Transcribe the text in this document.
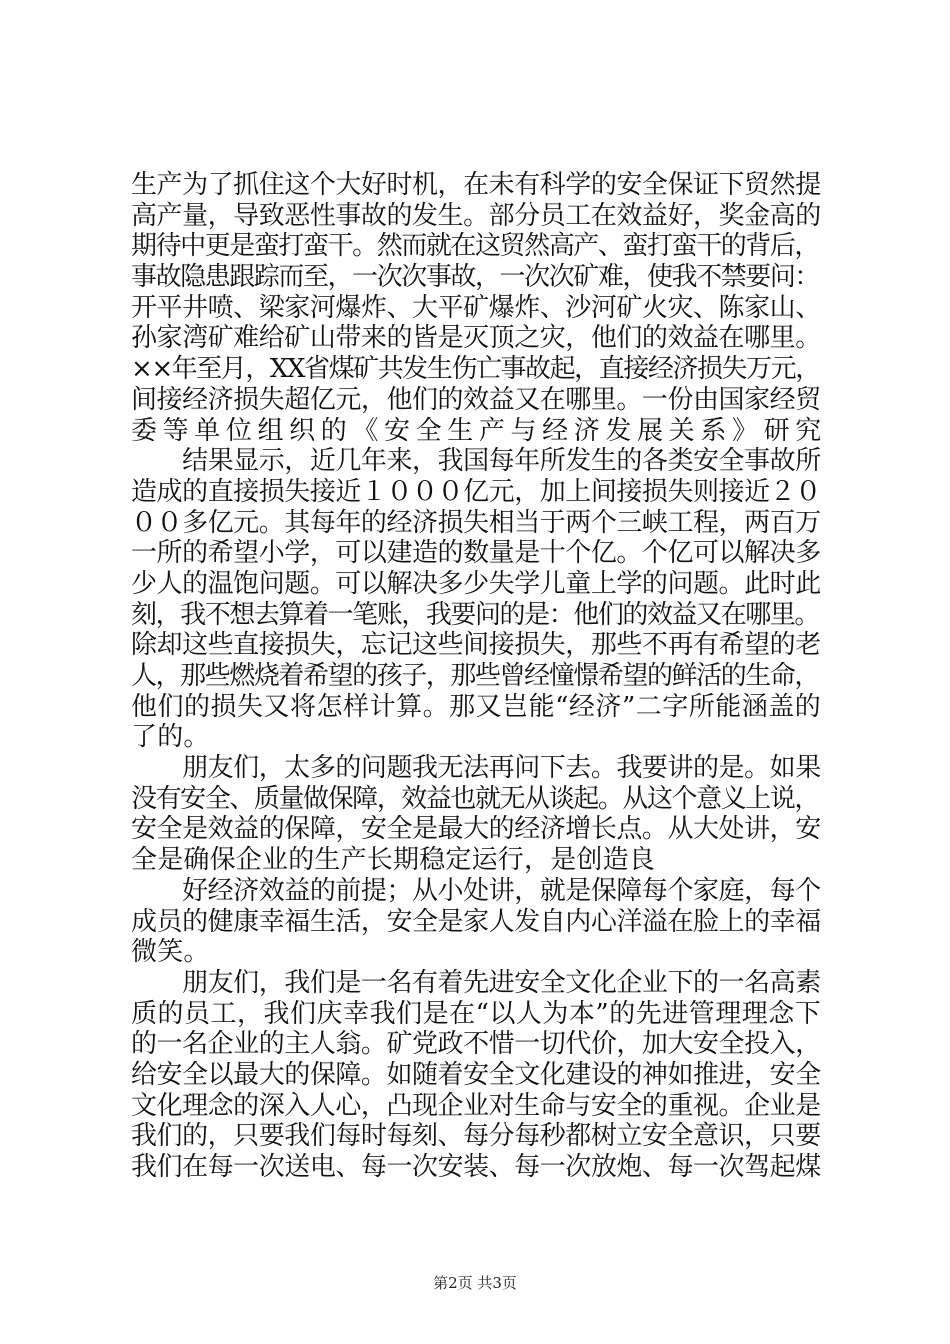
生产为了抓住这个大好时机，在未有科学的安全保证下贸然提
高产量，导致恶性事故的发生。部分员工在效益好，奖金高的
期待中更是蛮打蛮干。然而就在这贸然高产、蛮打蛮干的背后，
事故隐患跟踪而至，一次次事故，一次次矿难，使我不禁要问：
开平井喷、梁家河爆炸、大平矿爆炸、沙河矿火灾、陈家山、
孙家湾矿难给矿山带来的皆是灭顶之灾，他们的效益在哪里。
××年至月，XX省煤矿共发生伤亡事故起，直接经济损失万元，
间接经济损失超亿元，他们的效益又在哪里。一份由国家经贸
委等单位组织的《安全生产与经济发展关系》研究
　　结果显示，近几年来，我国每年所发生的各类安全事故所
造成的直接损失接近１０００亿元，加上间接损失则接近２０
００多亿元。其每年的经济损失相当于两个三峡工程，两百万
一所的希望小学，可以建造的数量是十个亿。个亿可以解决多
少人的温饱问题。可以解决多少失学儿童上学的问题。此时此
刻，我不想去算着一笔账，我要问的是：他们的效益又在哪里。
除却这些直接损失，忘记这些间接损失，那些不再有希望的老
人，那些燃烧着希望的孩子，那些曾经憧憬希望的鲜活的生命，
他们的损失又将怎样计算。那又岂能“经济”二字所能涵盖的
了的。
　　朋友们，太多的问题我无法再问下去。我要讲的是。如果
没有安全、质量做保障，效益也就无从谈起。从这个意义上说，
安全是效益的保障，安全是最大的经济增长点。从大处讲，安
全是确保企业的生产长期稳定运行，是创造良
　　好经济效益的前提；从小处讲，就是保障每个家庭，每个
成员的健康幸福生活，安全是家人发自内心洋溢在脸上的幸福
微笑。
　　朋友们，我们是一名有着先进安全文化企业下的一名高素
质的员工，我们庆幸我们是在“以人为本”的先进管理理念下
的一名企业的主人翁。矿党政不惜一切代价，加大安全投入，
给安全以最大的保障。如随着安全文化建设的神如推进，安全
文化理念的深入人心，凸现企业对生命与安全的重视。企业是
我们的，只要我们每时每刻、每分每秒都树立安全意识，只要
我们在每一次送电、每一次安装、每一次放炮、每一次驾起煤
第2页 共3页
